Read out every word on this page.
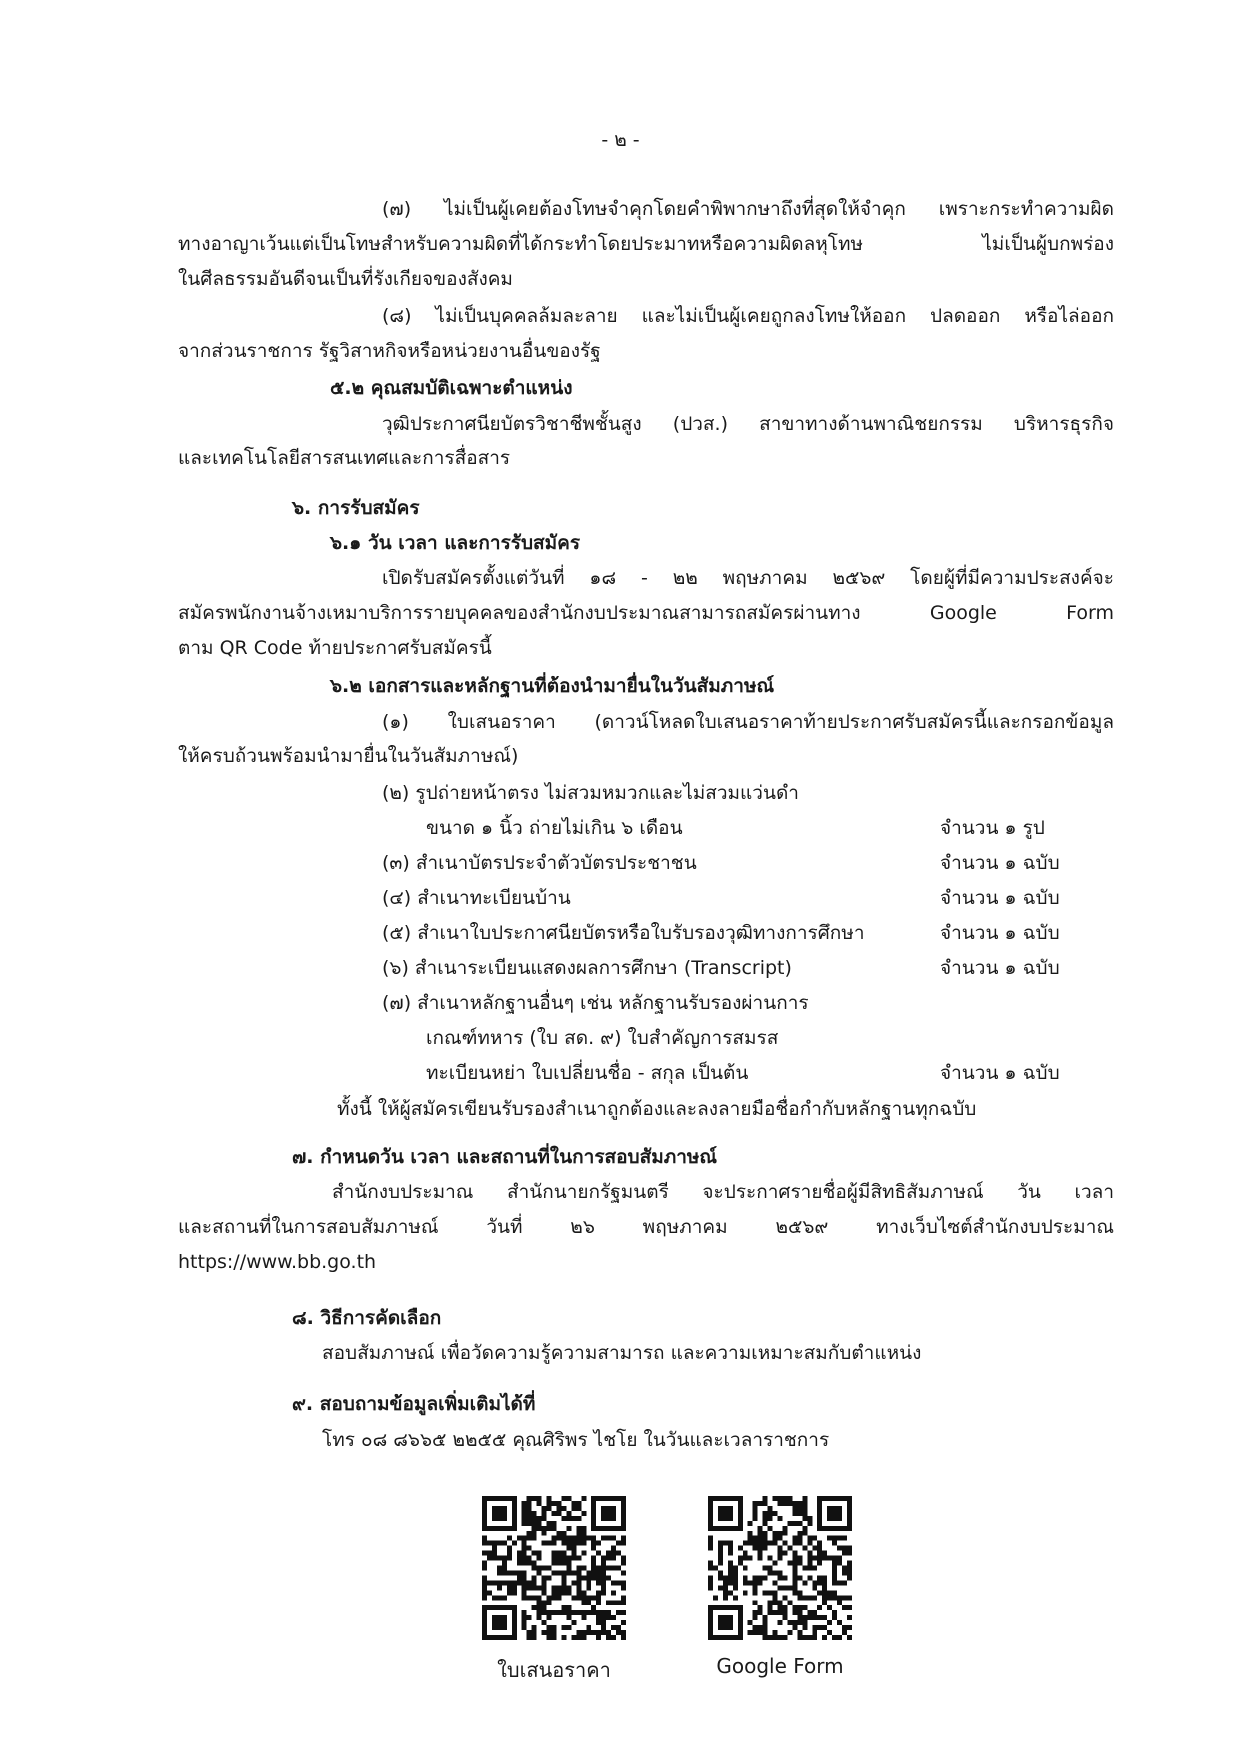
- ๒ -
(๗) ไม่เป็นผู้เคยต้องโทษจำคุกโดยคำพิพากษาถึงที่สุดให้จำคุก เพราะกระทำความผิด
ทางอาญาเว้นแต่เป็นโทษสำหรับความผิดที่ได้กระทำโดยประมาทหรือความผิดลหุโทษ ไม่เป็นผู้บกพร่อง
ในศีลธรรมอันดีจนเป็นที่รังเกียจของสังคม
(๘) ไม่เป็นบุคคลล้มละลาย และไม่เป็นผู้เคยถูกลงโทษให้ออก ปลดออก หรือไล่ออก
จากส่วนราชการ รัฐวิสาหกิจหรือหน่วยงานอื่นของรัฐ
๕.๒ คุณสมบัติเฉพาะตำแหน่ง
วุฒิประกาศนียบัตรวิชาชีพชั้นสูง (ปวส.) สาขาทางด้านพาณิชยกรรม บริหารธุรกิจ
และเทคโนโลยีสารสนเทศและการสื่อสาร
๖. การรับสมัคร
๖.๑ วัน เวลา และการรับสมัคร
เปิดรับสมัครตั้งแต่วันที่ ๑๘ - ๒๒ พฤษภาคม ๒๕๖๙ โดยผู้ที่มีความประสงค์จะ
สมัครพนักงานจ้างเหมาบริการรายบุคคลของสำนักงบประมาณสามารถสมัครผ่านทาง Google Form
ตาม QR Code ท้ายประกาศรับสมัครนี้
๖.๒ เอกสารและหลักฐานที่ต้องนำมายื่นในวันสัมภาษณ์
(๑) ใบเสนอราคา (ดาวน์โหลดใบเสนอราคาท้ายประกาศรับสมัครนี้และกรอกข้อมูล
ให้ครบถ้วนพร้อมนำมายื่นในวันสัมภาษณ์)
(๒) รูปถ่ายหน้าตรง ไม่สวมหมวกและไม่สวมแว่นดำ
ขนาด ๑ นิ้ว ถ่ายไม่เกิน ๖ เดือน	จำนวน ๑ รูป
(๓) สำเนาบัตรประจำตัวบัตรประชาชน	จำนวน ๑ ฉบับ
(๔) สำเนาทะเบียนบ้าน	จำนวน ๑ ฉบับ
(๕) สำเนาใบประกาศนียบัตรหรือใบรับรองวุฒิทางการศึกษา	จำนวน ๑ ฉบับ
(๖) สำเนาระเบียนแสดงผลการศึกษา (Transcript)	จำนวน ๑ ฉบับ
(๗) สำเนาหลักฐานอื่นๆ เช่น หลักฐานรับรองผ่านการ
เกณฑ์ทหาร (ใบ สด. ๙) ใบสำคัญการสมรส
ทะเบียนหย่า ใบเปลี่ยนชื่อ - สกุล เป็นต้น	จำนวน ๑ ฉบับ
ทั้งนี้ ให้ผู้สมัครเขียนรับรองสำเนาถูกต้องและลงลายมือชื่อกำกับหลักฐานทุกฉบับ
๗. กำหนดวัน เวลา และสถานที่ในการสอบสัมภาษณ์
สำนักงบประมาณ สำนักนายกรัฐมนตรี จะประกาศรายชื่อผู้มีสิทธิสัมภาษณ์ วัน เวลา
และสถานที่ในการสอบสัมภาษณ์ วันที่ ๒๖ พฤษภาคม ๒๕๖๙ ทางเว็บไซต์สำนักงบประมาณ
https://www.bb.go.th
๘. วิธีการคัดเลือก
สอบสัมภาษณ์ เพื่อวัดความรู้ความสามารถ และความเหมาะสมกับตำแหน่ง
๙. สอบถามข้อมูลเพิ่มเติมได้ที่
โทร ๐๘ ๘๖๖๕ ๒๒๕๕ คุณศิริพร ไชโย ในวันและเวลาราชการ
ใบเสนอราคา	Google Form
